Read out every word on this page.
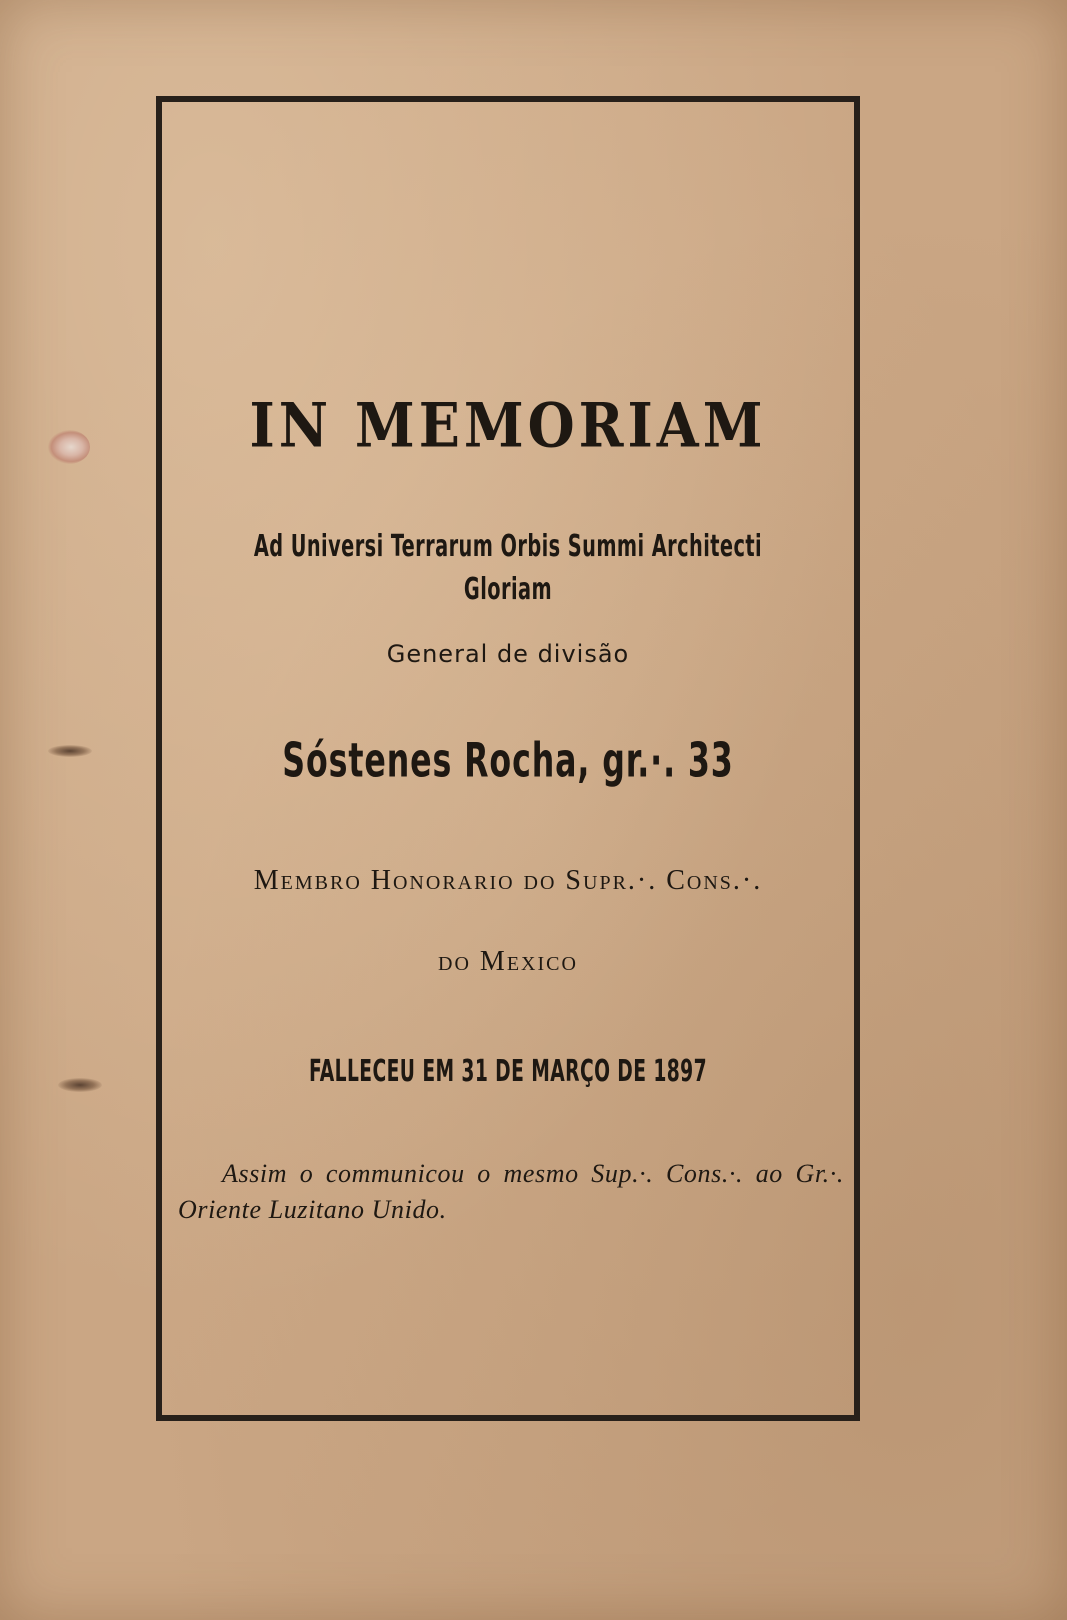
IN MEMORIAM
Ad Universi Terrarum Orbis Summi Architecti Gloriam
General de divisão
Sóstenes Rocha, gr.·. 33
Membro Honorario do Supr.·. Cons.·.
do Mexico
FALLECEU EM 31 DE MARÇO DE 1897
Assim o communicou o mesmo Sup.·. Cons.·. ao Gr.·. Oriente Luzitano Unido.
